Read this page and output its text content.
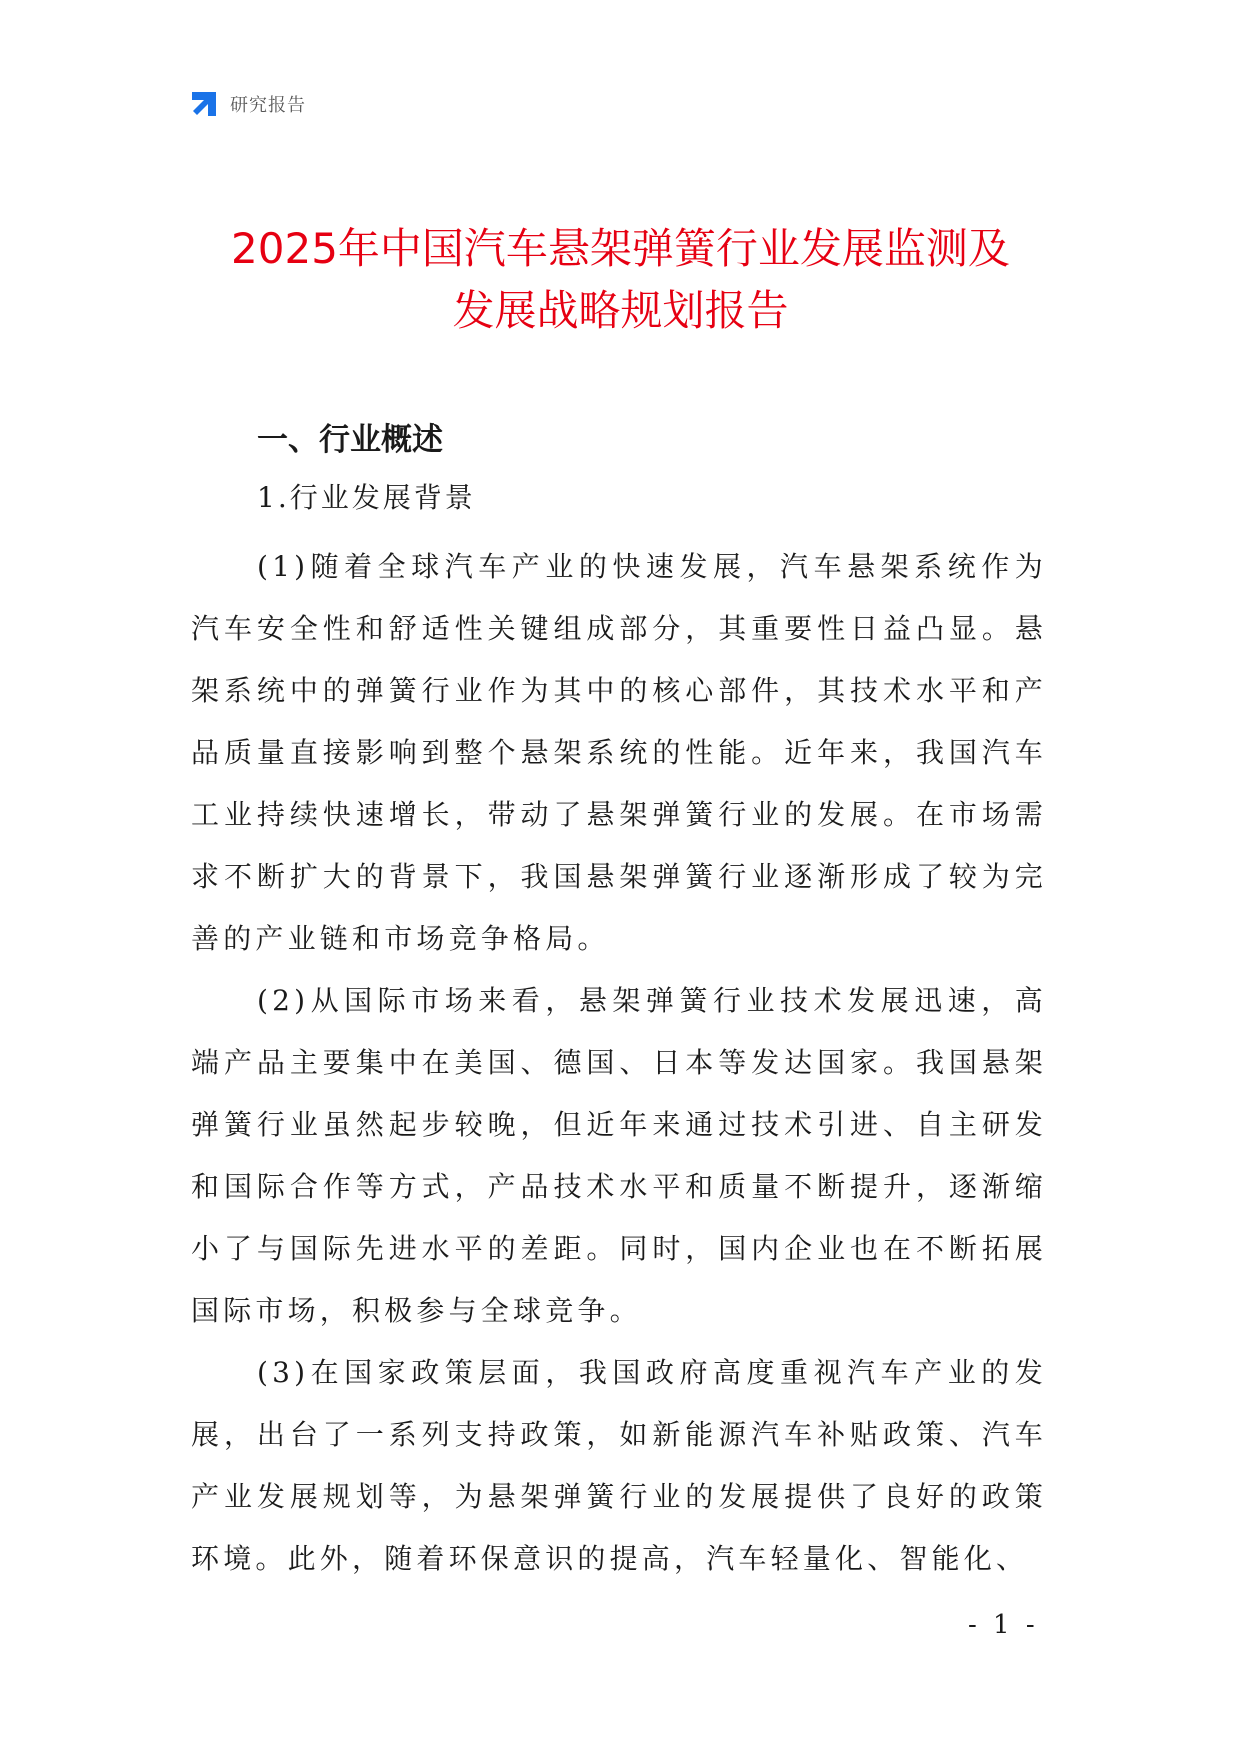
研究报告
2025年中国汽车悬架弹簧行业发展监测及
发展战略规划报告
一、行业概述
1.行业发展背景

(1)随着全球汽车产业的快速发展，汽车悬架系统作为汽车安全性和舒适性关键组成部分，其重要性日益凸显。悬架系统中的弹簧行业作为其中的核心部件，其技术水平和产品质量直接影响到整个悬架系统的性能。近年来，我国汽车工业持续快速增长，带动了悬架弹簧行业的发展。在市场需求不断扩大的背景下，我国悬架弹簧行业逐渐形成了较为完善的产业链和市场竞争格局。

(2)从国际市场来看，悬架弹簧行业技术发展迅速，高端产品主要集中在美国、德国、日本等发达国家。我国悬架弹簧行业虽然起步较晚，但近年来通过技术引进、自主研发和国际合作等方式，产品技术水平和质量不断提升，逐渐缩小了与国际先进水平的差距。同时，国内企业也在不断拓展国际市场，积极参与全球竞争。

(3)在国家政策层面，我国政府高度重视汽车产业的发展，出台了一系列支持政策，如新能源汽车补贴政策、汽车产业发展规划等，为悬架弹簧行业的发展提供了良好的政策环境。此外，随着环保意识的提高，汽车轻量化、智能化、

- 1 -
